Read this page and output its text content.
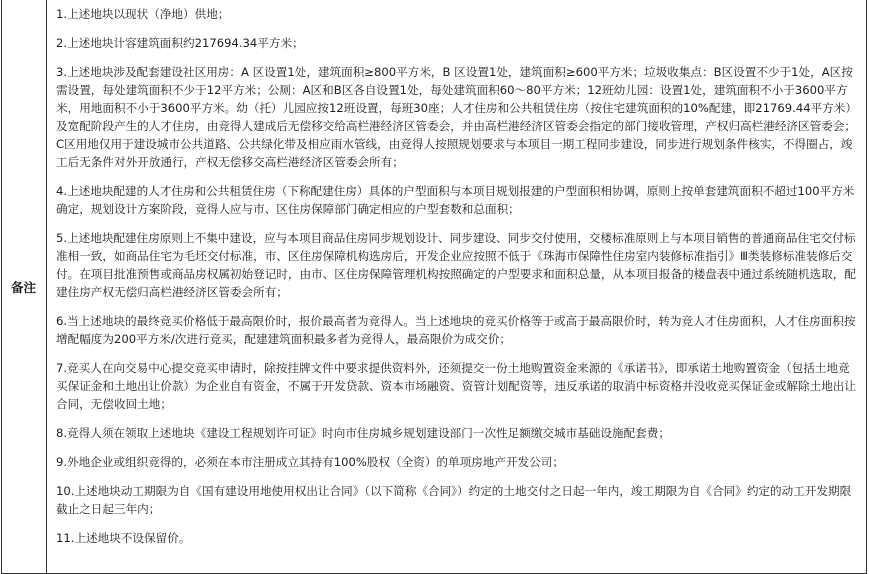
备注

1.上述地块以现状（净地）供地；

2.上述地块计容建筑面积约217694.34平方米；

3.上述地块涉及配套建设社区用房：A 区设置1处，建筑面积≥800平方米，B 区设置1处，建筑面积≥600平方米；垃圾收集点：B区设置不少于1处，A区按需设置，每处建筑面积不少于12平方米；公厕：A区和B区各自设置1处，每处建筑面积60～80平方米；12班幼儿园：设置1处，建筑面积不小于3600平方米，用地面积不小于3600平方米。幼（托）儿园应按12班设置，每班30座；人才住房和公共租赁住房（按住宅建筑面积的10%配建，即21769.44平方米）及宽配阶段产生的人才住房，由竞得人建成后无偿移交给高栏港经济区管委会，并由高栏港经济区管委会指定的部门接收管理，产权归高栏港经济区管委会；C区用地仅用于建设城市公共道路、公共绿化带及相应雨水管线，由竞得人按照规划要求与本项目一期工程同步建设，同步进行规划条件核实，不得圈占，竣工后无条件对外开放通行，产权无偿移交高栏港经济区管委会所有；

4.上述地块配建的人才住房和公共租赁住房（下称配建住房）具体的户型面积与本项目规划报建的户型面积相协调，原则上按单套建筑面积不超过100平方米确定，规划设计方案阶段，竞得人应与市、区住房保障部门确定相应的户型套数和总面积；

5.上述地块配建住房原则上不集中建设，应与本项目商品住房同步规划设计、同步建设、同步交付使用，交楼标准原则上与本项目销售的普通商品住宅交付标准相一致，如商品住宅为毛坯交付标准，市、区住房保障机构选房后，开发企业应按照不低于《珠海市保障性住房室内装修标准指引》Ⅲ类装修标准装修后交付。在项目批准预售或商品房权属初始登记时，由市、区住房保障管理机构按照确定的户型要求和面积总量，从本项目报备的楼盘表中通过系统随机选取，配建住房产权无偿归高栏港经济区管委会所有；

6.当上述地块的最终竞买价格低于最高限价时，报价最高者为竞得人。当上述地块的竞买价格等于或高于最高限价时，转为竞人才住房面积，人才住房面积按增配幅度为200平方米/次进行竞买，配建建筑面积最多者为竞得人，最高限价为成交价；

7.竞买人在向交易中心提交竞买申请时，除按挂牌文件中要求提供资料外，还须提交一份土地购置资金来源的《承诺书》，即承诺土地购置资金（包括土地竞买保证金和土地出让价款）为企业自有资金，不属于开发贷款、资本市场融资、资管计划配资等，违反承诺的取消中标资格并没收竞买保证金或解除土地出让合同，无偿收回土地；

8.竞得人须在领取上述地块《建设工程规划许可证》时向市住房城乡规划建设部门一次性足额缴交城市基础设施配套费；

9.外地企业或组织竞得的，必须在本市注册成立其持有100%股权（全资）的单项房地产开发公司；

10.上述地块动工期限为自《国有建设用地使用权出让合同》（以下简称《合同》）约定的土地交付之日起一年内，竣工期限为自《合同》约定的动工开发期限截止之日起三年内；

11.上述地块不设保留价。
